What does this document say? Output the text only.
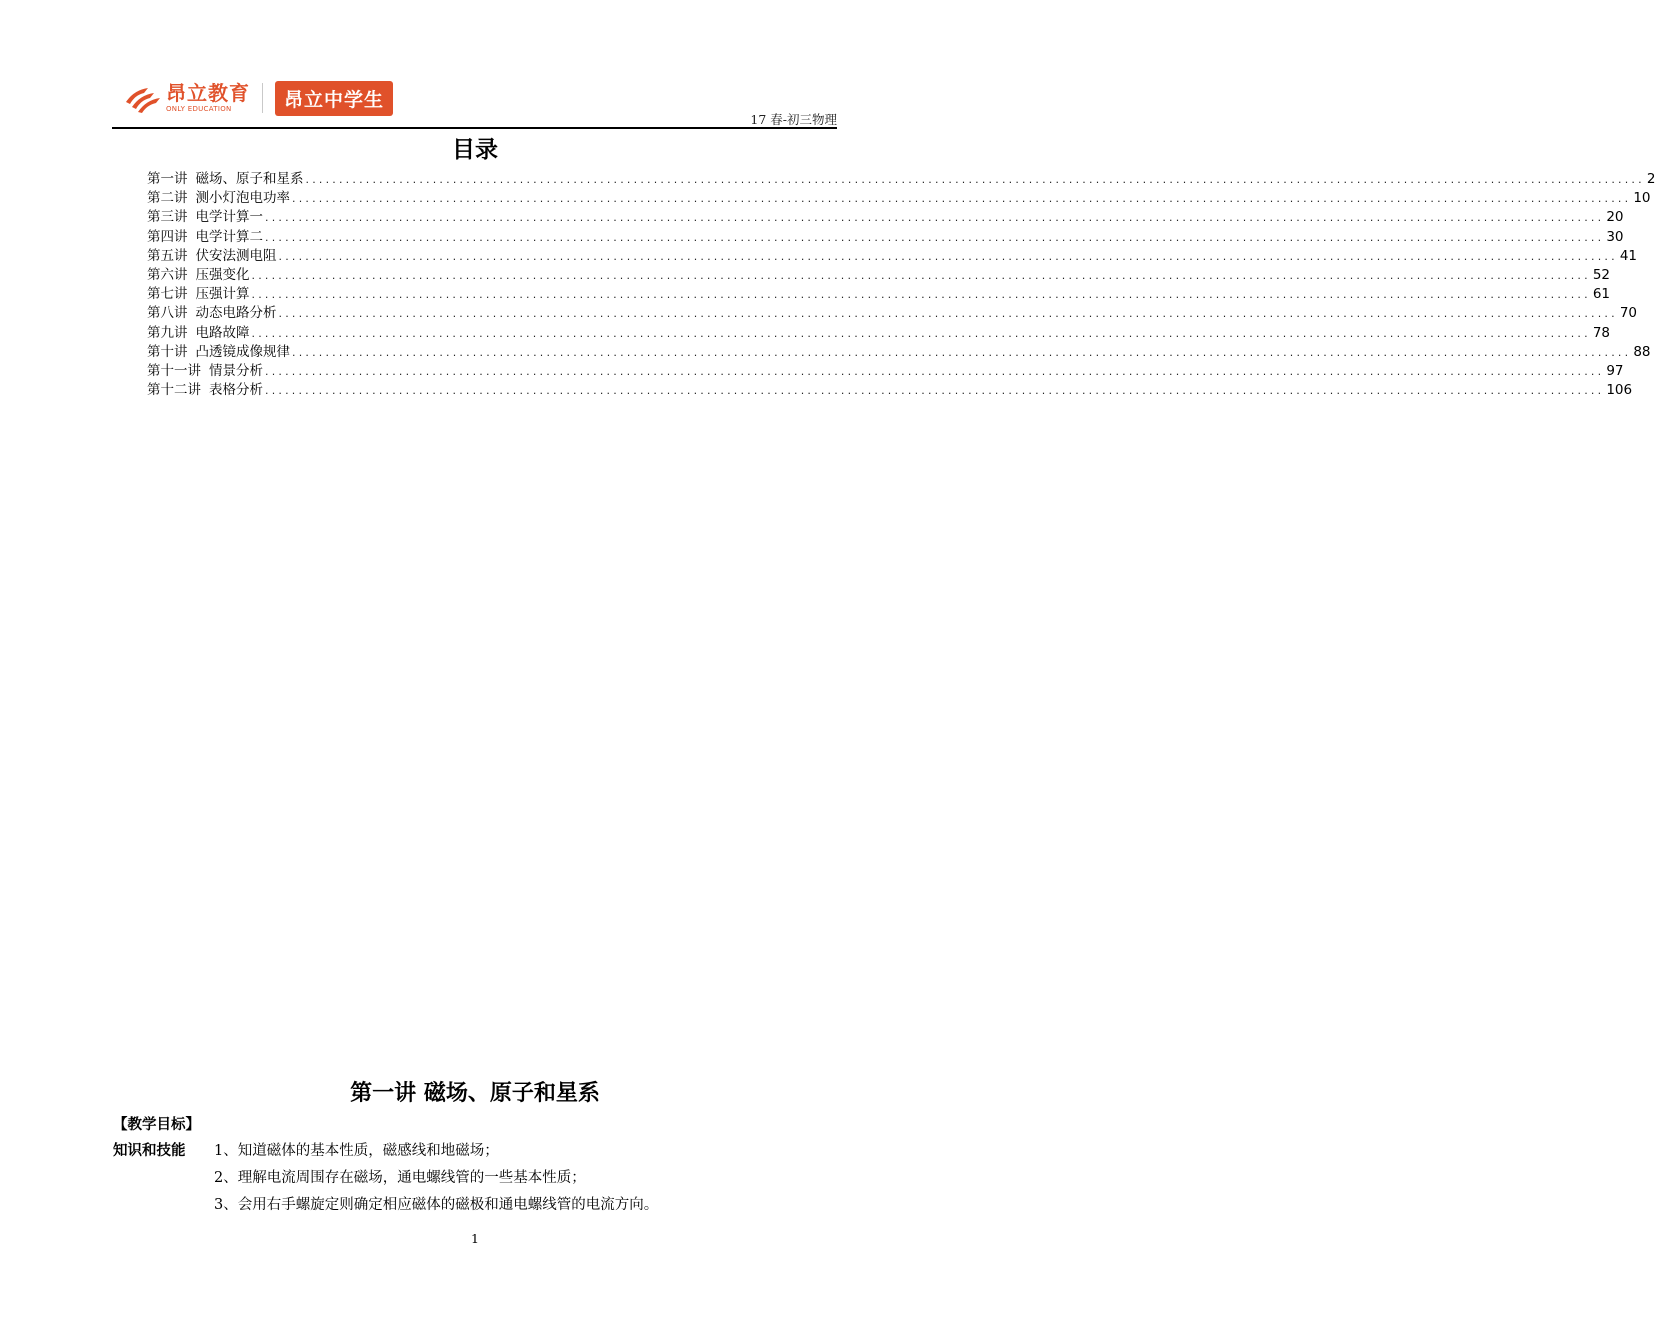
昂立教育
ONLY EDUCATION	昂立中学生
17 春-初三物理
目录
第一讲 磁场、原子和星系 ........................................................................................................................................................................................................ 2
第二讲 测小灯泡电功率 ........................................................................................................................................................................................................ 10
第三讲 电学计算一 ........................................................................................................................................................................................................ 20
第四讲 电学计算二 ........................................................................................................................................................................................................ 30
第五讲 伏安法测电阻 ........................................................................................................................................................................................................ 41
第六讲 压强变化 ........................................................................................................................................................................................................ 52
第七讲 压强计算 ........................................................................................................................................................................................................ 61
第八讲 动态电路分析 ........................................................................................................................................................................................................ 70
第九讲 电路故障 ........................................................................................................................................................................................................ 78
第十讲 凸透镜成像规律 ........................................................................................................................................................................................................ 88
第十一讲 情景分析 ........................................................................................................................................................................................................ 97
第十二讲 表格分析 ........................................................................................................................................................................................................ 106
第一讲 磁场、原子和星系
【教学目标】
知识和技能 1、知道磁体的基本性质，磁感线和地磁场；
2、理解电流周围存在磁场，通电螺线管的一些基本性质；
3、会用右手螺旋定则确定相应磁体的磁极和通电螺线管的电流方向。
1
